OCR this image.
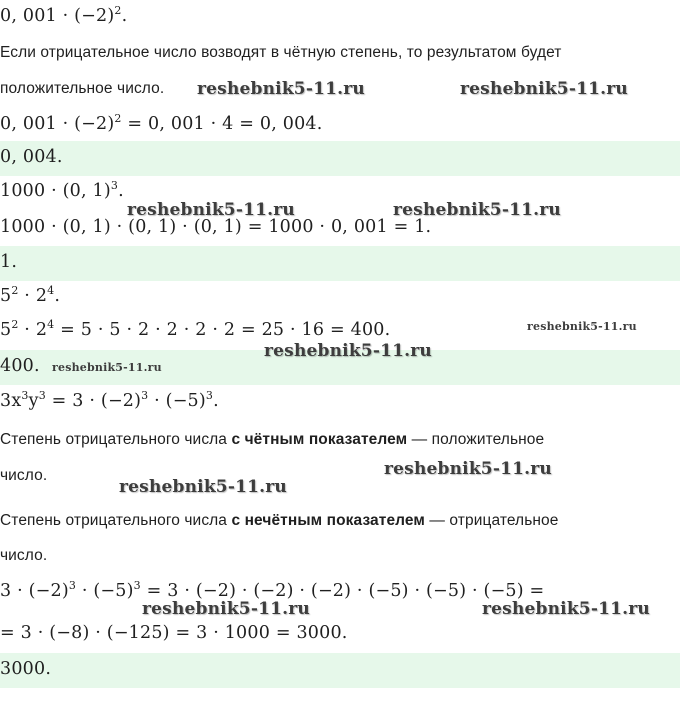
0, $001 \cdot (-2)^2$.
Если отрицательное число возводят в чётную степень, то результатом будет
положительное число.
0, $001 \cdot (-2)^2 = 0$, 001 · 4 = 0, 004.
0, 004.
1000 · (0, 1)$^3$.
1000 · (0, 1) · (0, 1) · (0, 1) = 1000 · 0, 001 = 1.
1.
$5^2 \cdot 2^4$.
$5^2 \cdot 2^4 = 5 \cdot 5 \cdot 2 \cdot 2 \cdot 2 \cdot 2 = 25 \cdot 16 = 400$.
400.
$3x^3y^3 = 3 \cdot (-2)^3 \cdot (-5)^3$.
Степень отрицательного числа с чётным показателем — положительное
число.
Степень отрицательного числа с нечётным показателем — отрицательное
число.
$3 \cdot (-2)^3 \cdot (-5)^3 = 3 \cdot (-2) \cdot (-2) \cdot (-2) \cdot (-5) \cdot (-5) \cdot (-5)$ =
= 3 · (−8) · (−125) = 3 · 1000 = 3000.
3000.
reshebnik5-11.ru	reshebnik5-11.ru
reshebnik5-11.ru	reshebnik5-11.ru
reshebnik5-11.ru
reshebnik5-11.ru
reshebnik5-11.ru
reshebnik5-11.ru
reshebnik5-11.ru
reshebnik5-11.ru	reshebnik5-11.ru
